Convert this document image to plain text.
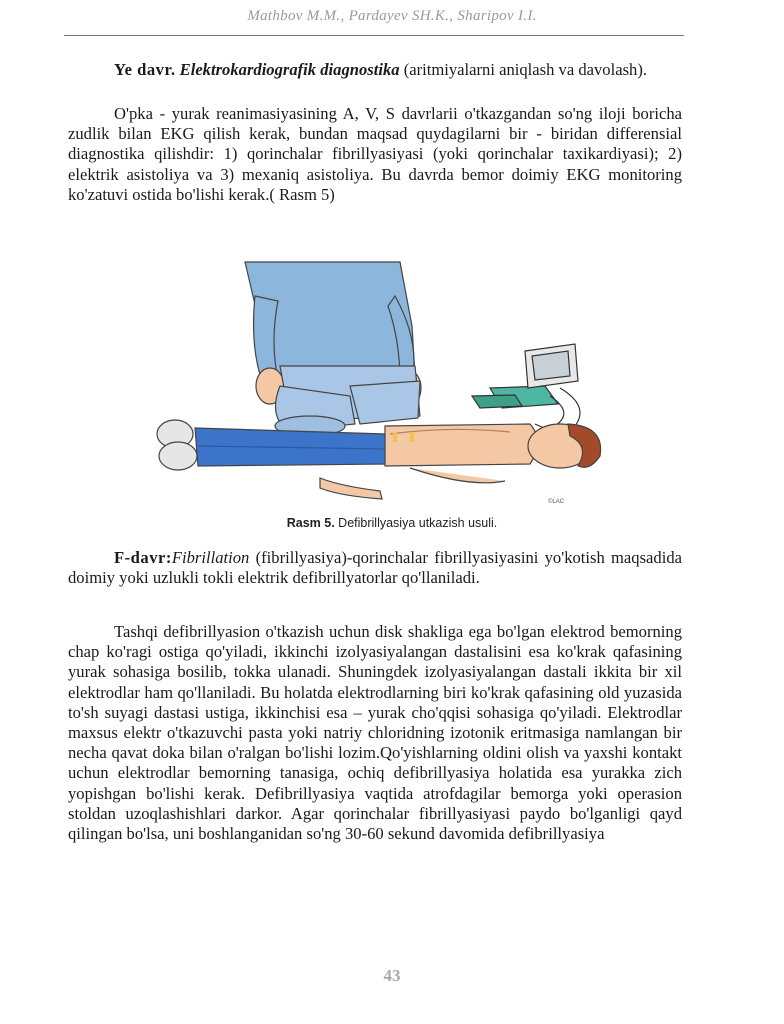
Mathbov M.M., Pardayev SH.K., Sharipov I.I.

Ye davr. Elektrokardiografik diagnostika (aritmiyalarni aniqlash va davolash).

O'pka - yurak reanimasiyasining A, V, S davrlarii o'tkazgandan so'ng iloji boricha zudlik bilan EKG qilish kerak, bundan maqsad quydagilarni bir - biridan differensial diagnostika qilishdir: 1) qorinchalar fibrillyasiyasi (yoki qorinchalar taxikardiyasi); 2) elektrik asistoliya va 3) mexaniq asistoliya. Bu davrda bemor doimiy EKG monitoring ko'zatuvi ostida bo'lishi kerak.( Rasm 5)

©LAC
Rasm 5. Defibrillyasiya utkazish usuli.

F-davr:Fibrillation (fibrillyasiya)-qorinchalar fibrillyasiyasini yo'kotish maqsadida doimiy yoki uzlukli tokli elektrik defibrillyatorlar qo'llaniladi.

Tashqi defibrillyasion o'tkazish uchun disk shakliga ega bo'lgan elektrod bemorning chap ko'ragi ostiga qo'yiladi, ikkinchi izolyasiyalangan dastalisini esa ko'krak qafasining yurak sohasiga bosilib, tokka ulanadi. Shuningdek izolyasiyalangan dastali ikkita bir xil elektrodlar ham qo'llaniladi. Bu holatda elektrodlarning biri ko'krak qafasining old yuzasida to'sh suyagi dastasi ustiga, ikkinchisi esa – yurak cho'qqisi sohasiga qo'yiladi. Elektrodlar maxsus elektr o'tkazuvchi pasta yoki natriy chloridning izotonik eritmasiga namlangan bir necha qavat doka bilan o'ralgan bo'lishi lozim.Qo'yishlarning oldini olish va yaxshi kontakt uchun elektrodlar bemorning tanasiga, ochiq defibrillyasiya holatida esa yurakka zich yopishgan bo'lishi kerak. Defibrillyasiya vaqtida atrofdagilar bemorga yoki operasion stoldan uzoqlashishlari darkor. Agar qorinchalar fibrillyasiyasi paydo bo'lganligi qayd qilingan bo'lsa, uni boshlanganidan so'ng 30-60 sekund davomida defibrillyasiya

43
